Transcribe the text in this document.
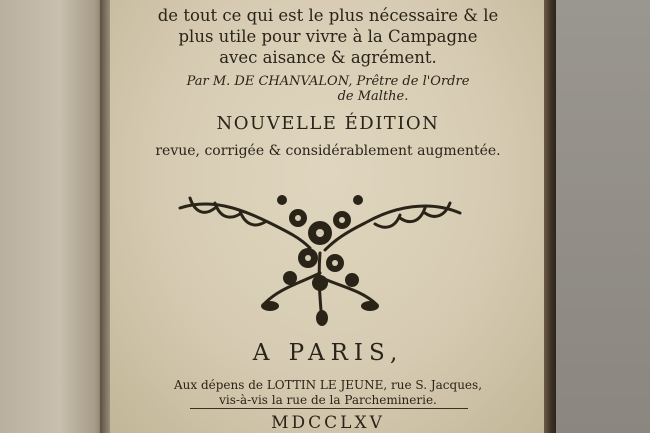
de tout ce qui est le plus nécessaire & le
plus utile pour vivre à la Campagne
avec aisance & agrément.
Par M. DE CHANVALON, Prêtre de l'Ordre
de Malthe.
NOUVELLE ÉDITION
revue, corrigée & considérablement augmentée.
A PARIS,
Aux dépens de LOTTIN LE JEUNE, rue S. Jacques,
vis-à-vis la rue de la Parcheminerie.
MDCCLXV
